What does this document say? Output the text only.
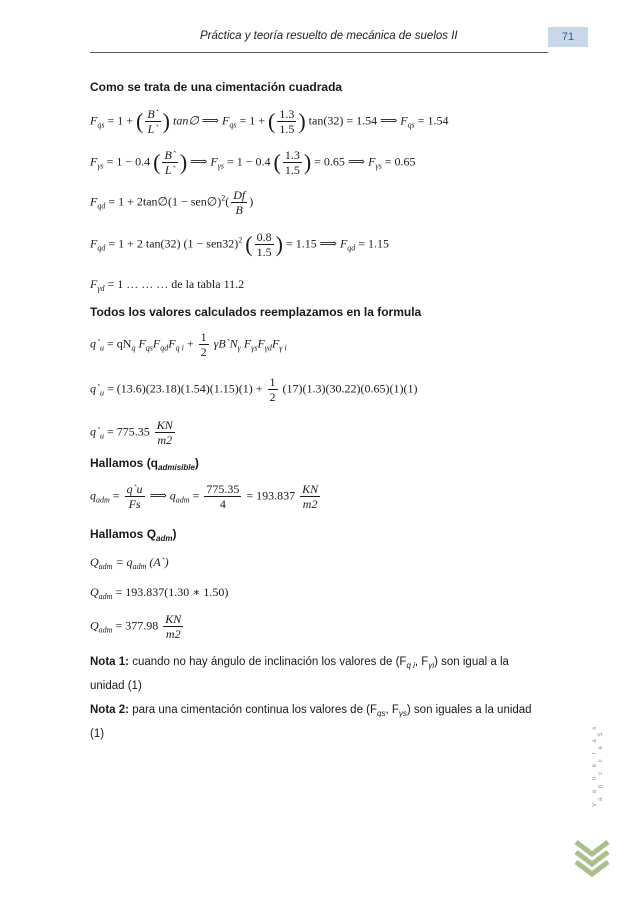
Práctica y teoría resuelto de mecánica de suelos II	71
Como se trata de una cimentación cuadrada
$F_{qs} = 1$ + ( $\frac{B`}{L`}$ ) tan∅ ⟹ $F_{qs} = 1$ + ( $\frac{1.3}{1.5}$ ) tan(32) = 1.54 ⟹ $F_{qs} = 1.54$
$F_{\gamma s} = 1 - 0.4$ ( $\frac{B`}{L`}$ ) ⟹ $F_{\gamma s} = 1 - 0.4$ ( $\frac{1.3}{1.5}$ ) = 0.65 ⟹ $F_{\gamma s} = 0.65$
$F_{qd} = 1$ + 2tan∅(1 − sen∅)$^2$( $\frac{Df}{B}$ )
$F_{qd} = 1 + 2$ tan(32) $(1 - sen32)^2$ ( $\frac{0.8}{1.5}$ ) = 1.15 ⟹ $F_{qd} = 1.15$
$F_{\gamma d} = 1$ … … … de la tabla 11.2
Todos los valores calculados reemplazamos en la formula
$q`_u = qN_q$ $F_{qs}F_{qd}F_{q i} + \frac{1}{2}$ $\gamma B`N_\gamma$ $F_{\gamma s}F_{\gamma d}F_{\gamma i}$
$q`_u = (13.6)(23.18)(1.54)(1.15)(1) + \frac{1}{2} (17)(1.3)(30.22)(0.65)(1)(1)$
$q`_u = 775.35 \frac{KN}{m2}$
Hallamos $(q_{admisible})$
$q_{adm} = \frac{q`u}{Fs}$ ⟹ $q_{adm} = \frac{775.35}{4} = 193.837 \frac{KN}{m2}$
Hallamos $Q_{adm}$)
$Q_{adm} = q_{adm}$ (A`)
$Q_{adm} = 193.837(1.30$ ∗ 1.50)
$Q_{adm} = 377.98 \frac{KN}{m2}$
Nota 1: cuando no hay ángulo de inclinación los valores de ($F_{q i}$, $F_{\gamma i}$) son igual a la unidad (1)
Nota 2: para una cimentación continua los valores de ($F_{qs}$, $F_{\gamma s}$) son iguales a la unidad (1)	V a n e r a s a n c c a S
